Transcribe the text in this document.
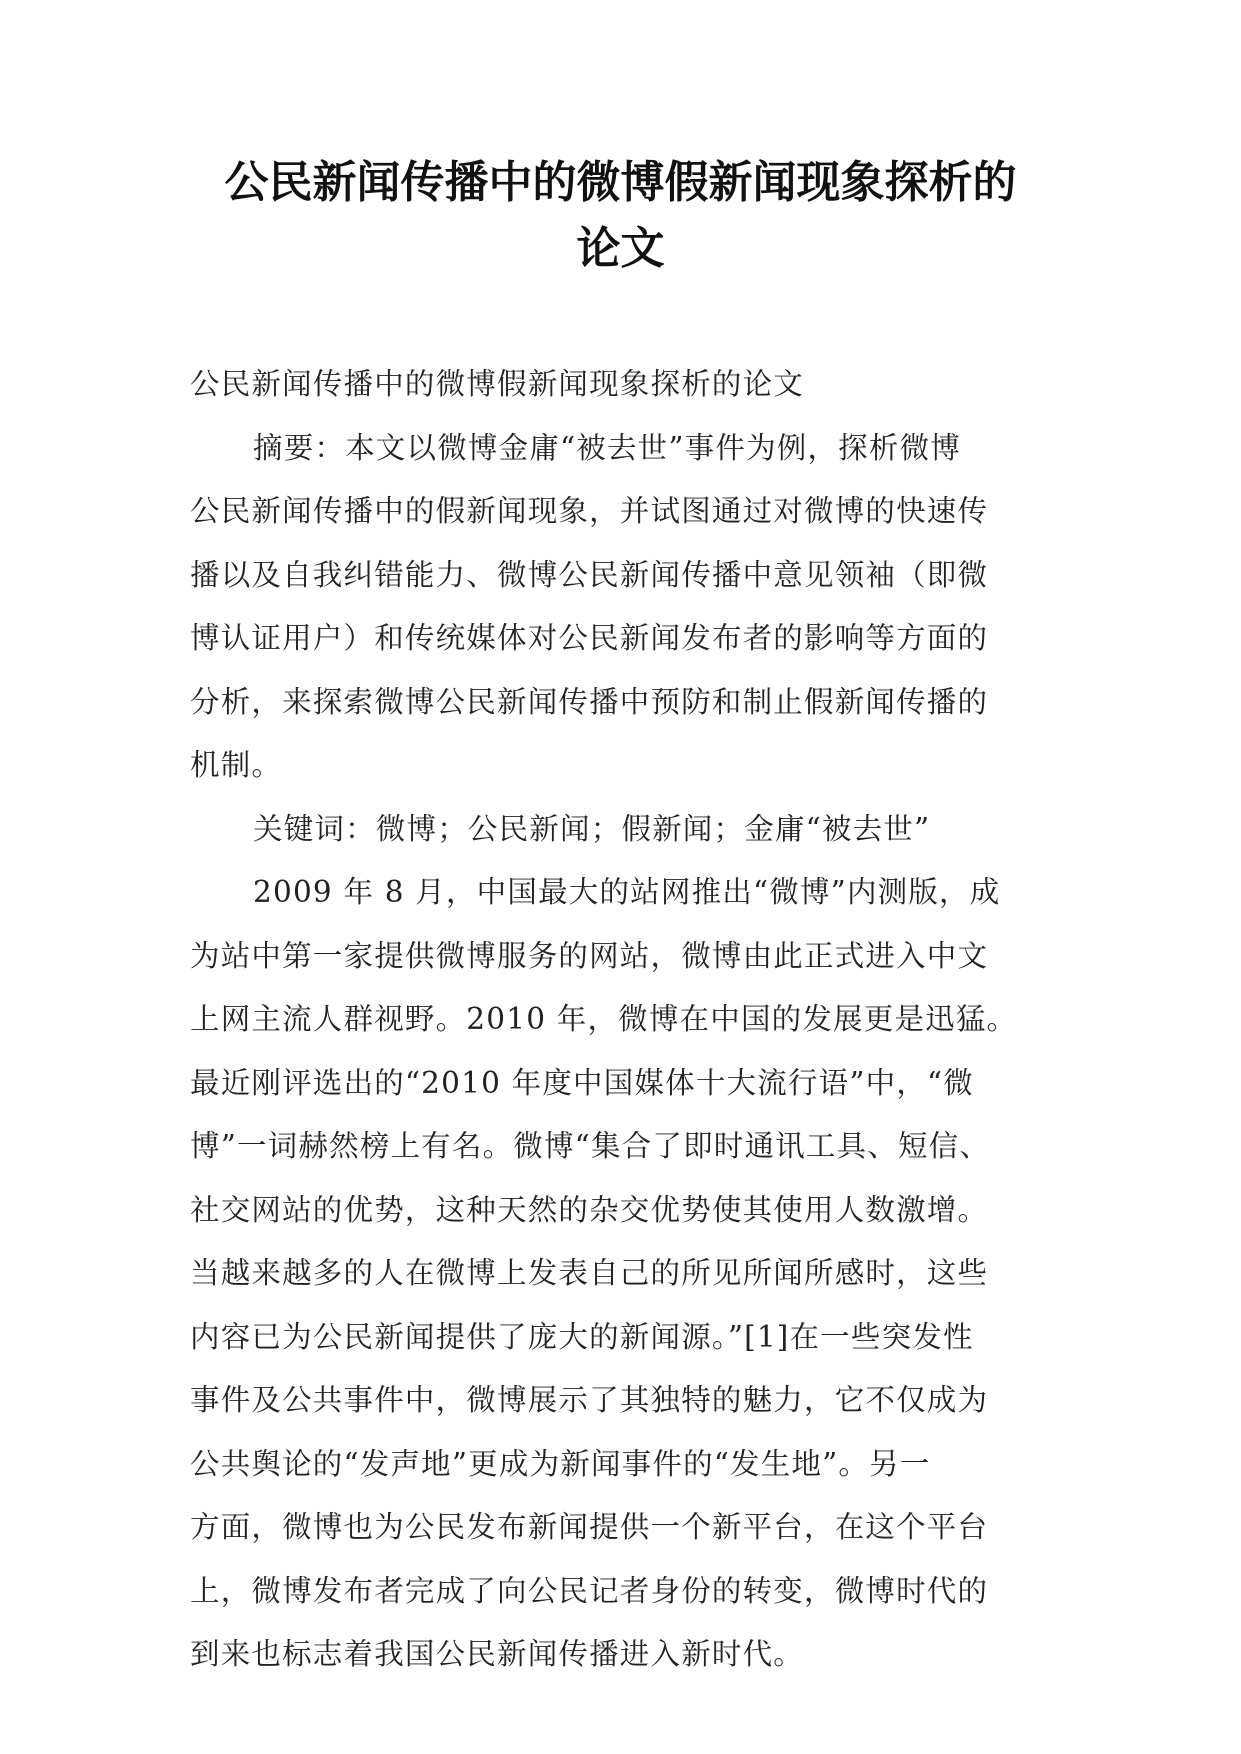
公民新闻传播中的微博假新闻现象探析的
论文
公民新闻传播中的微博假新闻现象探析的论文
摘要：本文以微博金庸“被去世”事件为例，探析微博
公民新闻传播中的假新闻现象，并试图通过对微博的快速传
播以及自我纠错能力、微博公民新闻传播中意见领袖（即微
博认证用户）和传统媒体对公民新闻发布者的影响等方面的
分析，来探索微博公民新闻传播中预防和制止假新闻传播的
机制。
关键词：微博；公民新闻；假新闻；金庸“被去世”
2009 年 8 月，中国最大的站网推出“微博”内测版，成
为站中第一家提供微博服务的网站，微博由此正式进入中文
上网主流人群视野。2010 年，微博在中国的发展更是迅猛。
最近刚评选出的“2010 年度中国媒体十大流行语”中，“微
博”一词赫然榜上有名。微博“集合了即时通讯工具、短信、
社交网站的优势，这种天然的杂交优势使其使用人数激增。
当越来越多的人在微博上发表自己的所见所闻所感时，这些
内容已为公民新闻提供了庞大的新闻源。”[1]在一些突发性
事件及公共事件中，微博展示了其独特的魅力，它不仅成为
公共舆论的“发声地”更成为新闻事件的“发生地”。另一
方面，微博也为公民发布新闻提供一个新平台，在这个平台
上，微博发布者完成了向公民记者身份的转变，微博时代的
到来也标志着我国公民新闻传播进入新时代。
